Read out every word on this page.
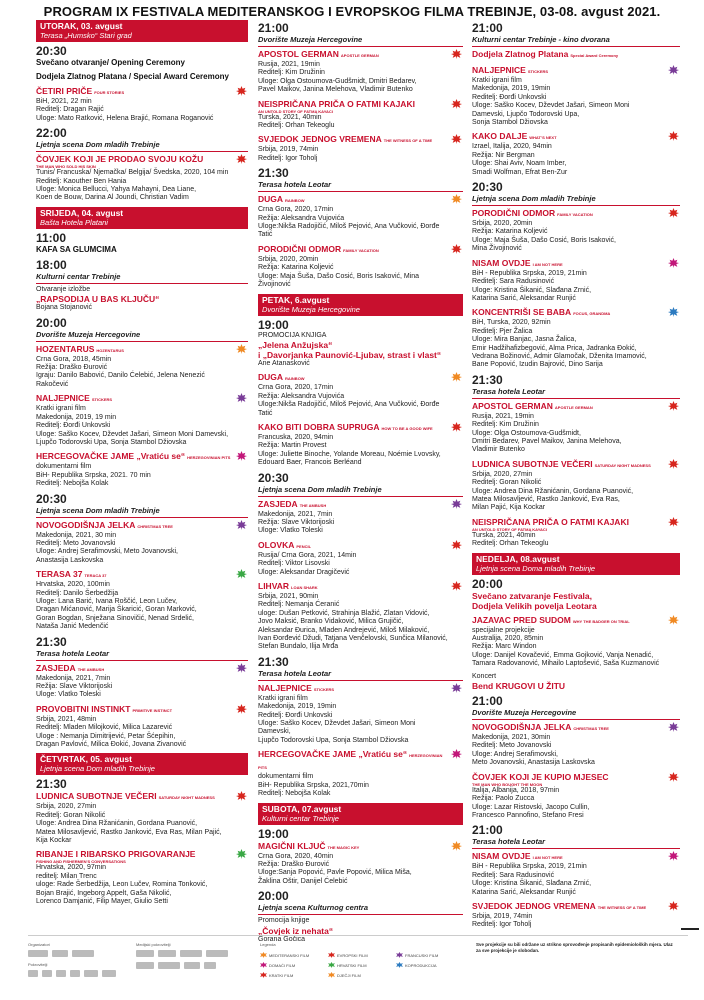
PROGRAM IX FESTIVALA MEDITERANSKOG I EVROPSKOG FILMA TREBINJE, 03-08. avgust 2021.
UTORAK, 03. avgust
Terasa „Humsko“ Stari grad
20:30
Svečano otvaranje/ Opening Ceremony
Dodjela Zlatnog Platana / Special Award Ceremony
ČETIRI PRIČE FOUR STORIES
BiH, 2021, 22 min
Reditelj: Dragan Rajić
Uloge: Mato Ratković, Helena Brajić, Romana Roganović
22:00
Ljetnja scena Dom mladih Trebinje
ČOVJEK KOJI JE PRODAO SVOJU KOŽU
THE MAN WHO SOLD HIS SKIN
Tunis/ Francuska/ Njemačka/ Belgija/ Švedska, 2020, 104 min
Reditelj: Kaouther Ben Hania
Uloge: Monica Bellucci, Yahya Mahayni, Dea Liane,
Koen de Bouw, Darina Al Joundi, Christian Vadim
SRIJEDA, 04. avgust
Bašta Hotela Platani
11:00
KAFA SA GLUMCIMA
18:00
Kulturni centar Trebinje
Otvaranje izložbe
„RAPSODIJA U BAS KLJUČU“
Bojana Stojanović
20:00
Dvorište Muzeja Hercegovine
HOZENTARUS HOZENTARUS
Crna Gora, 2018, 45min
Režija: Draško Đurović
Igraju: Danilo Babović, Danilo Ćelebić, Jelena Nenezić Rakočević
NALJEPNICE STICKERS
Kratki igrani film
Makedonija, 2019, 19 min
Reditelj: Đorđi Unkovski
Uloge: Saško Kocev, Dževdet Jašari, Simeon Moni Damevski,
Ljupčo Todorovski Upa, Sonja Stambol Džiovska
HERCEGOVAČKE JAME „Vratiću se“ HERZEGOVINIAN PITS
dokumentarni film
BiH- Republika Srpska, 2021. 70 min
Reditelj: Nebojša Kolak
20:30
Ljetnja scena Dom mladih Trebinje
NOVOGODIŠNJA JELKA CHRISTMAS TREE
Makedonija, 2021, 30 min
Reditelj: Meto Jovanovski
Uloge: Andrej Serafimovski, Meto Jovanovski,
Anastasija Laskovska
TERASA 37 TERACA 37
Hrvatska, 2020, 100min
Reditelj: Danilo Šerbedžija
Uloge: Lana Barić, Ivana Roščić, Leon Lučev,
Dragan Mićanović, Marija Škaricić, Goran Marković,
Goran Bogdan, Snježana Sinovičić, Nenad Srdelić,
Nataša Janić Medenčić
21:30
Terasa hotela Leotar
ZASJEDA THE AMBUSH
Makedonija, 2021, 7min
Režija: Slave Viktorijoski
Uloge: Vlatko Toleski
PROVOBITNI INSTINKT PRIMITIVE INSTINCT
Srbija, 2021, 48min
Reditelj: Mladen Milojković, Milica Lazarević
Uloge : Nemanja Dimitrijević, Petar Šćepihin,
Dragan Pavlović, Milica Đokić, Jovana Zivanović
ČETVRTAK, 05. avgust
Ljetnja scena Dom mladih Trebinje
21:30
LUDNICA SUBOTNJE VEČERI SATURDAY NIGHT MADNESS
Srbija, 2020, 27min
Reditelj: Goran Nikolić
Uloge: Andrea Dina Ržanićanin, Gordana Puanović,
Matea Milosavljević, Rastko Janković, Eva Ras, Milan Pajić, Kija Kockar
RIBANJE I RIBARSKO PRIGOVARANJE
FISHING AND FISHERMEN'S CONVERSATIONS
Hrvatska, 2020, 97min
reditelj: Milan Trenc
uloge: Rade Šerbedžija, Leon Lučev, Romina Tonković,
Bojan Brajić, Ingeborg Appelt, Gaša Nikolić,
Lorenco Damjanić, Filip Mayer, Giulio Setti
21:00
Dvorište Muzeja Hercegovine
APOSTOL GERMAN APOSTLE GERMAN
Rusija, 2021, 19min
Reditelj: Kim Družinin
Uloge: Olga Ostoumova-Gudšmidt, Dmitri Bedarev,
Pavel Maikov, Janina Melehova, Vladimir Butenko
NEISPRIČANA PRIČA O FATMI KAJAKI
AN UNTOLD STORY OF FATMA KAYACI
Turska, 2021, 40min
Reditelj: Orhan Tekeoglu
SVJEDOK JEDNOG VREMENA THE WITNESS OF A TIME
Srbija, 2019, 74min
Reditelj: Igor Toholj
21:30
Terasa hotela Leotar
DUGA RAINBOW
Crna Gora, 2020, 17min
Režija: Aleksandra Vujovića
Uloge:Nikša Radojičić, Miloš Pejović, Ana Vučković, Đorđe Tatić
PORODIČNI ODMOR FAMILY VACATION
Srbija, 2020, 20min
Režija: Katarina Koljević
Uloge: Maja Šuša, Dašo Cosić, Boris Isaković, Mina Živojinović
PETAK, 6.avgust
Dvorište Muzeja Hercegovine
19:00
PROMOCIJA KNJIGA
„Jelena Anžujska“
i „Davorjanka Paunović-Ljubav, strast i vlast“
Ane Atanasković
DUGA RAINBOW
Crna Gora, 2020, 17min
Režija: Aleksandra Vujovića
Uloge:Nikša Radojičić, Miloš Pejović, Ana Vučković, Đorđe Tatić
KAKO BITI DOBRA SUPRUGA HOW TO BE A GOOD WIFE
Francuska, 2020, 94min
Režija: Martin Provest
Uloge: Juliette Binoche, Yolande Moreau, Noémie Lvovsky,
Edouard Baer, Francois Berléand
20:30
Ljetnja scena Dom mladih Trebinje
ZASJEDA THE AMBUSH
Makedonija, 2021, 7min
Režija: Slave Viktorijoski
Uloge: Vlatko Toleski
OLOVKA PENCIL
Rusija/ Crna Gora, 2021, 14min
Reditelj: Viktor Lisovski
Uloge: Aleksandar Dragičević
LIHVAR LOAN SHARK
Srbija, 2021, 90min
Reditelj: Nemanja Ćeranić
uloge: Dušan Petković, Strahinja Blažić, Zlatan Vidović,
Jovo Maksić, Branko Vidaković, Milica Grujičić,
Aleksandar Đurica, Mladen Andrejević, Miloš Milaković,
Ivan Đorđević Džudi, Tatjana Venčelovski, Sunčica Milanović,
Stefan Bundalo, Ilija Mrđa
21:30
Terasa hotela Leotar
NALJEPNICE STICKERS
Kratki igrani film
Makedonija, 2019, 19min
Reditelj: Đorđi Unkovski
Uloge: Saško Kocev, Dževdet Jašari, Simeon Moni Damevski,
Ljupčo Todorovski Upa, Sonja Stambol Džiovska
HERCEGOVAČKE JAME „Vratiću se“ HERZEGOVINIAN PITS
dokumentarni film
BiH- Republika Srpska, 2021,70min
Reditelj: Nebojša Kolak
SUBOTA, 07.avgust
Kulturni centar Trebinje
19:00
MAGIČNI KLJUČ THE MAGIC KEY
Crna Gora, 2020, 40min
Režija: Draško Đurović
Uloge:Sanja Popović, Pavle Popović, Milica Miša,
Žaklina Oštir, Danijel Ćelebić
20:00
Ljetnja scena Kulturnog centra
Promocija knjige
„Čovjek iz nehata“
Gorana Gočica
21:00
Kulturni centar Trebinje - kino dvorana
Dodjela Zlatnog Platana Special Award Ceremony
NALJEPNICE STICKERS
Kratki igrani film
Makedonija, 2019, 19min
Reditelj: Đorđi Unkovski
Uloge: Saško Kocev, Dževdet Jašari, Simeon Moni
Damevski, Ljupčo Todorovski Upa,
Sonja Stambol Džiovska
KAKO DALJE WHAT’S NEXT
Izrael, Italija, 2020, 94min
Režija: Nir Bergman
Uloge: Shai Aviv, Noam Imber,
Smadi Wolfman, Efrat Ben-Zur
20:30
Ljetnja scena Dom mladih Trebinje
PORODIČNI ODMOR FAMILY VACATION
Srbija, 2020, 20min
Režija: Katarina Koljević
Uloge: Maja Šuša, Dašo Cosić, Boris Isaković,
Mina Živojinović
NISAM OVDJE I AM NOT HERE
BiH - Republika Srpska, 2019, 21min
Reditelj: Sara Radusinović
Uloge: Kristina Šikanić, Slađana Zrnić,
Katarina Sarić, Aleksandar Runjić
KONCENTRIŠI SE BABA FOCUS, GRANDMA
BiH, Turska, 2020, 92min
Reditelj: Pjer Žalica
Uloge: Mira Banjac, Jasna Žalica,
Emir Hadžihafizbegović, Alma Prica, Jadranka Đokić,
Vedrana Božinović, Admir Glamočak, Dženita Imamović,
Bane Popović, Izudin Bajrović, Dino Sarija
21:30
Terasa hotela Leotar
APOSTOL GERMAN APOSTLE GERMAN
Rusija, 2021, 19min
Reditelj: Kim Družinin
Uloge: Olga Ostoumova-Gudšmidt,
Dmitri Bedarev, Pavel Maikov, Janina Melehova,
Vladimir Butenko
LUDNICA SUBOTNJE VEČERI SATURDAY NIGHT MADNESS
Srbija, 2020, 27min
Reditelj: Goran Nikolić
Uloge: Andrea Dina Ržanićanin, Gordana Puanović,
Matea Milosavljević, Rastko Janković, Eva Ras,
Milan Pajić, Kija Kockar
NEISPRIČANA PRIČA O FATMI KAJAKI
AN UNTOLD STORY OF FATMA KAYACI
Turska, 2021, 40min
Reditelj: Orhan Tekeoglu
NEDELJA, 08.avgust
Ljetnja scena Doma mladih Trebinje
20:00
Svečano zatvaranje Festivala,
Dodjela Velikih povelja Leotara
JAZAVAC PRED SUDOM WHY THE BADGER ON TRIAL
specijalne projekcije
Australija, 2020, 85min
Režija: Marc Windon
Uloge: Danijel Kovačević, Emma Gojković, Vanja Nenadić,
Tamara Radovanović, Mihailo Laptošević, Saša Kuzmanović
Koncert
Bend KRUGOVI U ŽITU
21:00
Dvorište Muzeja Hercegovine
NOVOGODIŠNJA JELKA CHRISTMAS TREE
Makedonija, 2021, 30min
Reditelj: Meto Jovanovski
Uloge: Andrej Serafimovski,
Meto Jovanovski, Anastasija Laskovska
ČOVJEK KOJI JE KUPIO MJESEC
THE MAN WHO BOUGHT THE MOON
Italija, Albanija, 2018, 97min
Režija: Paolo Zucca
Uloge: Lazar Ristovski, Jacopo Cullin,
Francesco Pannofino, Stefano Fresi
21:00
Terasa hotela Leotar
NISAM OVDJE I AM NOT HERE
BiH - Republika Srpska, 2019, 21min
Reditelj: Sara Radusinović
Uloge: Kristina Šikanić, Slađana Zrnić,
Katarina Sarić, Aleksandar Runjić
SVJEDOK JEDNOG VREMENA THE WITNESS OF A TIME
Srbija, 2019, 74min
Reditelj: Igor Toholj
Organizatori
Pokrovitelji
Medijski pokrovitelji	Legenda
MEDITERANSKI FILM	EVROPSKI FILM	FRANCUSKI FILM
DOMAĆI FILM	HRVATSKI FILM	KOPRODUKCIJA
KRATKI FILM	DJEČJI FILM
Sve projekcije su bili održane uz strikno sprovođenje propisanih epidemioloških mjera. Ulaz za sve projekcije je slobodan.
